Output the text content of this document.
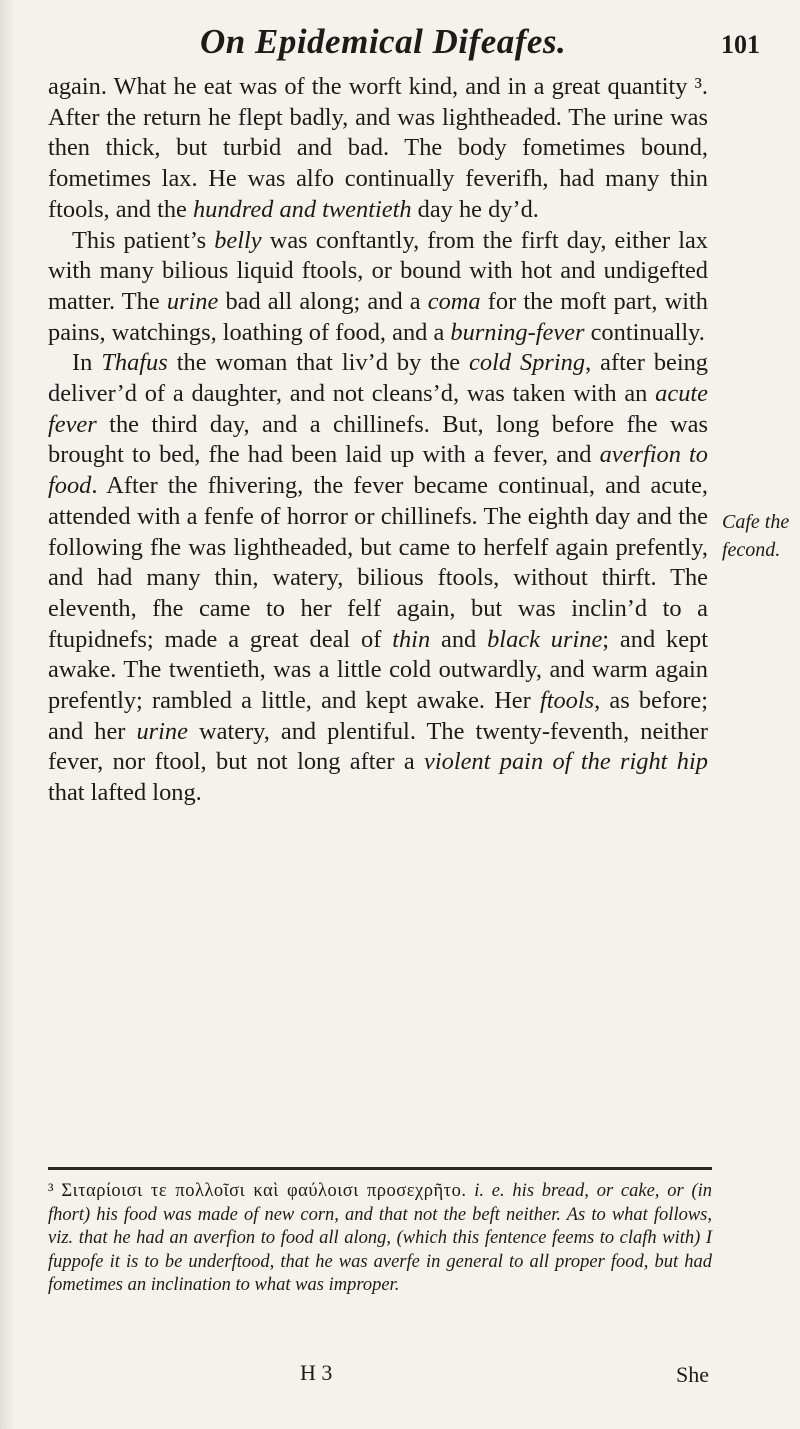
On Epidemical Difeafes.	101

again. What he eat was of the worft kind, and in a great quantity ³. After the return he flept badly, and was lightheaded. The urine was then thick, but turbid and bad. The body fometimes bound, fometimes lax. He was alfo continually feverifh, had many thin ftools, and the hundred and twentieth day he dy’d.

This patient’s belly was conftantly, from the firft day, either lax with many bilious liquid ftools, or bound with hot and undigefted matter. The urine bad all along; and a coma for the moft part, with pains, watchings, loathing of food, and a burning-fever continually.

In Thafus the woman that liv’d by the cold Spring, after being deliver’d of a daughter, and not cleans’d, was taken with an acute fever the third day, and a chillinefs. But, long before fhe was brought to bed, fhe had been laid up with a fever, and averfion to food. After the fhivering, the fever became continual, and acute, attended with a fenfe of horror or chillinefs. The eighth day and the following fhe was lightheaded, but came to herfelf again prefently, and had many thin, watery, bilious ftools, without thirft. The eleventh, fhe came to her felf again, but was inclin’d to a ftupidnefs; made a great deal of thin and black urine; and kept awake. The twentieth, was a little cold outwardly, and warm again prefently; rambled a little, and kept awake. Her ftools, as before; and her urine watery, and plentiful. The twenty-feventh, neither fever, nor ftool, but not long after a violent pain of the right hip that lafted long.

Cafe the fecond.
³ Σιταρίοισι τε πολλοῖσι καὶ φαύλοισι προσεχρῆτο. i. e. his bread, or cake, or (in fhort) his food was made of new corn, and that not the beft neither. As to what follows, viz. that he had an averfion to food all along, (which this fentence feems to clafh with) I fuppofe it is to be underftood, that he was averfe in general to all proper food, but had fometimes an inclination to what was improper.
H 3	She
